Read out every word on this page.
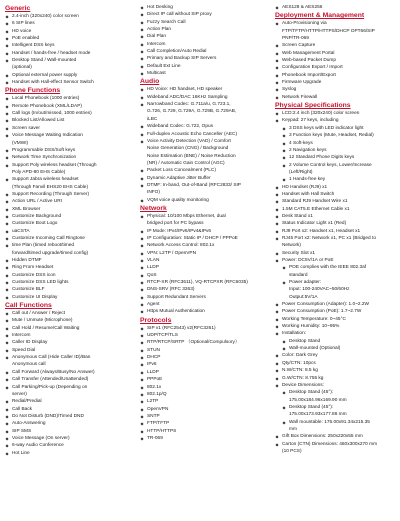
Generic
◆ 2.4-inch (320x240) color screen
◆ 6 SIP lines
◆ HD voice
◆ PoE enabled
◆ Intelligent DSS keys
◆ Handset / hands-free / headset mode
◆ Desktop Stand / Wall-mounted
(optional)
◆ Optional external power supply
◆ Handset with Hall-effect Sensor Switch
Phone Functions
◆ Local Phonebook (1000 entries)
◆ Remote Phonebook (XML/LDAP)
◆ Call logs (In/out/missed, 1000 entries)
◆ Blocked List/Allowed List
◆ Screen saver
◆ Voice Message Waiting Indication
(VMWI)
◆ Programmable DSS/Soft keys
◆ Network Time Synchronization
◆ Support Poly wireless headset (Through
Poly APD-80 EHS Cable)
◆ Support Jabra wireless headset
(Through Fanvil EHS20 EHS Cable)
◆ Support Recording (Through Server)
◆ Action URL / Active URI
◆ XML Browser
◆ Customize Background
◆ Customize Boot Logo
◆ uaCSTA
◆ Customize Incoming Call Ringtone
◆ time Plan (timed reboot/timed
forward/timed upgrade/timed config)
◆ Hidden DTMF
◆ Ring From Headset
◆ Customize DSS icon
◆ Customize DSS LED lights
◆ Customize BLF
◆ Customize UI Display
Call Functions
◆ Call out / Answer / Reject
◆ Mute / Unmute (Microphone)
◆ Call Hold / Resume/Call Waiting
◆ Intercom
◆ Caller ID Display
◆ Speed Dial
◆ Anonymous Call (Hide Caller ID)/Ban
Anonymous call
◆ Call Forward (Always/Busy/No Answer)
◆ Call Transfer (Attended/Unattended)
◆ Call Parking/Pick-up (Depending on
server)
◆ Redial/Predial
◆ Call Back
◆ Do Not Disturb (DND)/Timed DND
◆ Auto-Answering
◆ SIP SMS
◆ Voice Message (On server)
◆ 6-way Audio Conference
◆ Hot Line
◆ Hot Desking
◆ Direct IP call without SIP proxy
◆ Fuzzy Search Call
◆ Action Plan
◆ Dial Plan
◆ Intercom
◆ Call Completion/Auto Redial
◆ Primary and Backup SIP Servers
◆ Default Ext Line
◆ Multicast
Audio
◆ HD Voice: HD handset, HD speaker
◆ Wideband ADC/DAC 16KHz Sampling
◆ Narrowband Codec: G.711a/u, G.723.1,
G.726, G.729, G.729A, G.729B, G.729AB,
iLBC
◆ Wideband Codec: G.722, Opus
◆ Full-duplex Acoustic Echo Canceller (AEC)
◆ Voice Activity Detection (VAD) / Comfort
Noise Generation (CNG) / Background
Noise Estimation (BNE) / Noise Reduction
(NR) / Automatic Gain Control (AGC)
◆ Packet Loss Concealment (PLC)
◆ Dynamic Adaptive Jitter Buffer
◆ DTMF: In-band, Out-of-Band (RFC2833/ SIP
INFO)
◆ VQM voice quality monitoring
Network
◆ Physical: 10/100 Mbps Ethernet, dual
bridged port for PC bypass
◆ IP Mode: IPv4/IPv6/IPv4&IPv6
◆ IP Configuration: Static IP / DHCP / PPPoE
◆ Network Access Control: 802.1x
◆ VPN: L2TP / OpenVPN
◆ VLAN
◆ LLDP
◆ QoS
◆ RTCP-XR (RFC3611), VQ-RTCPXR (RFC6035)
◆ DNS-SRV (RFC 3263)
◆ Support Redundant Servers
◆ Agent
◆ Https Mutual Authentication
Protocols
◆ SIP v1 (RFC2543) v2(RFC3261)
◆ UDP/TCP/TLS
◆ RTP/RTCP/SRTP （Optional/Compulsory）
◆ STUN
◆ DHCP
◆ IPv6
◆ LLDP
◆ PPPoE
◆ 802.1x
◆ 802.1p/Q
◆ L2TP
◆ OpenVPN
◆ SNTP
◆ FTP/TFTP
◆ HTTP/HTTPS
◆ TR-069
◆ AES128 & AES256
Deployment & Management
◆ Auto-Provisioning via
FTP/TFTP/HTTP/HTTPS/DHCP OPT66/SIP
PNP/TR-069
◆ Screen Capture
◆ Web Management Portal
◆ Web-based Packet Dump
◆ Configuration Export / Import
◆ Phonebook Import/Export
◆ Firmware Upgrade
◆ Syslog
◆ Network Firewall
Physical Specifications
◆ LCD:2.4 inch (320x240) color screen
◆ Keypad: 27 keys, including
◆ 3 DSS keys with LED indicator light
◆ 3 Function keys (Mute, Headset, Redial)
◆ 4 Soft-keys
◆ 2 Navigation keys
◆ 12 Standard Phone Digits keys
◆ 2 Volume Control keys, Lower/Increase
(Left/Right)
◆ 1 Hands-free key
◆ HD Handset (RJ9) x1
◆ Handset with Hall Switch
◆ Standard RJ9 Handset Wire x1
◆ 1.5M CAT5.E Ethernet Cable x1
◆ Desk Stand x1
◆ Status Indicator Light x1 (Red)
◆ RJ9 Port x2: Handset x1, Headset x1
◆ RJ45 Port x2: Network x1, PC x1 (Bridged to
Network)
◆ Security Slot x1
◆ Power: DC5V/1A or PoE
◆ POE complies with the IEEE 802.3af
standard
◆ Power adapter:
Input: 100-240VAC~50/60Hz
Output:5V/1A
◆ Power Consumption (Adapter): 1.0~2.2W
◆ Power Consumption (PoE): 1.7~2.7W
◆ Working Temperature: 0~45°C
◆ Working Humidity: 10~95%
◆ Installation:
◆ Desktop Stand
◆ Wall-mounted (Optional)
◆ Color: Dark Grey
◆ Qty/CTN: 10pcs
◆ N.W/CTN: 8.5 kg
◆ G.W/CTN: 8.755 kg
◆ Device Dimensions:
◆ Desktop Stand (45°):
175.00x184.96x169.90 mm
◆ Desktop Stand (45°):
175.00x173.93x177.86 mm
◆ Wall mountable: 175.00x91.34x215.35
mm
◆ Gift Box Dimensions: 250x220x55 mm
◆ Carton (CTN) Dimensions: 460x300x270 mm
(10 PCS)
